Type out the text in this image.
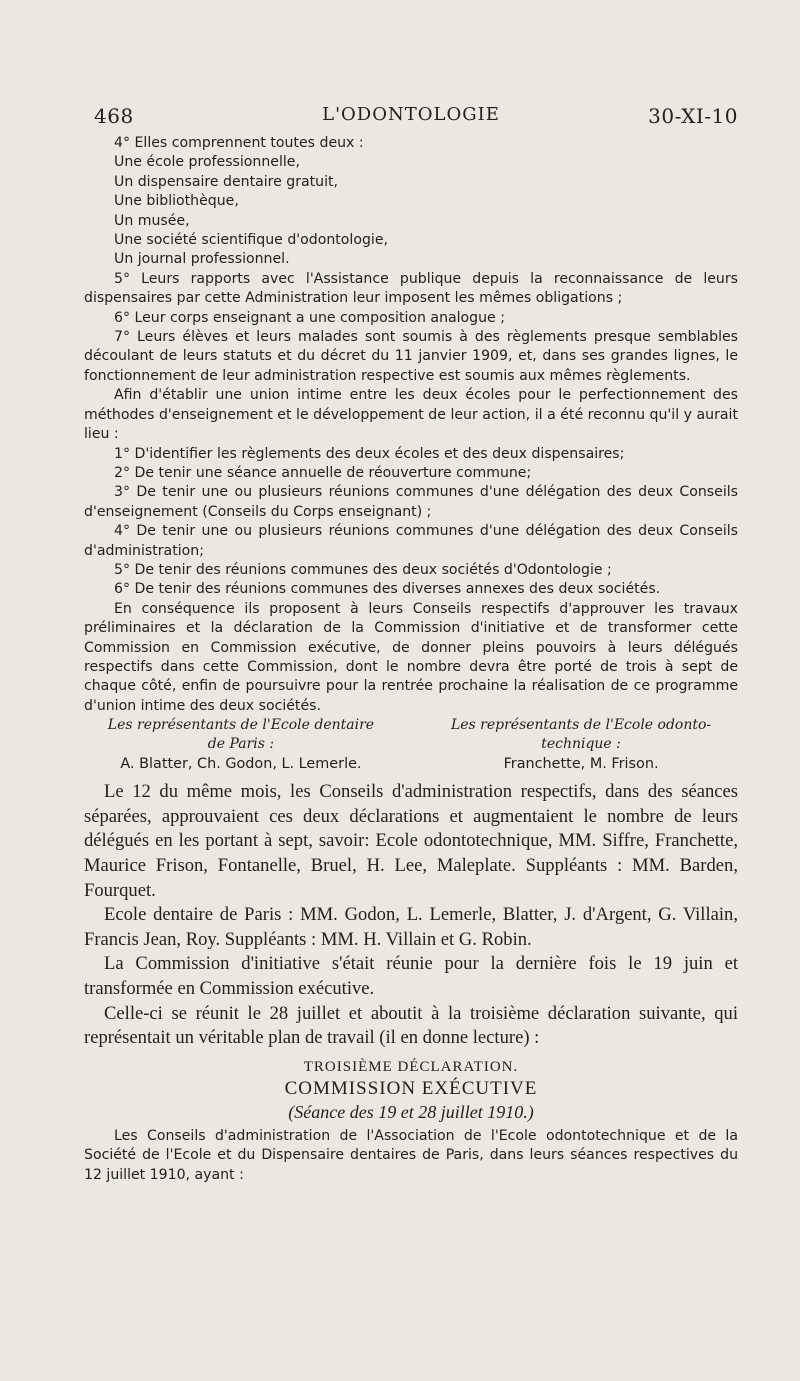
468	L'ODONTOLOGIE	30-XI-10

4° Elles comprennent toutes deux :

Une école professionnelle,

Un dispensaire dentaire gratuit,

Une bibliothèque,

Un musée,

Une société scientifique d'odontologie,

Un journal professionnel.

5° Leurs rapports avec l'Assistance publique depuis la reconnaissance de leurs dispensaires par cette Administration leur imposent les mêmes obligations ;

6° Leur corps enseignant a une composition analogue ;

7° Leurs élèves et leurs malades sont soumis à des règlements presque semblables découlant de leurs statuts et du décret du 11 janvier 1909, et, dans ses grandes lignes, le fonctionnement de leur administration respective est soumis aux mêmes règlements.

Afin d'établir une union intime entre les deux écoles pour le perfectionnement des méthodes d'enseignement et le développement de leur action, il a été reconnu qu'il y aurait lieu :

1° D'identifier les règlements des deux écoles et des deux dispensaires;

2° De tenir une séance annuelle de réouverture commune;

3° De tenir une ou plusieurs réunions communes d'une délégation des deux Conseils d'enseignement (Conseils du Corps enseignant) ;

4° De tenir une ou plusieurs réunions communes d'une délégation des deux Conseils d'administration;

5° De tenir des réunions communes des deux sociétés d'Odontologie ;

6° De tenir des réunions communes des diverses annexes des deux sociétés.

En conséquence ils proposent à leurs Conseils respectifs d'approuver les travaux préliminaires et la déclaration de la Commission d'initiative et de transformer cette Commission en Commission exécutive, de donner pleins pouvoirs à leurs délégués respectifs dans cette Commission, dont le nombre devra être porté de trois à sept de chaque côté, enfin de poursuivre pour la rentrée prochaine la réalisation de ce programme d'union intime des deux sociétés.

Les représentants de l'Ecole dentaire
de Paris :
Les représentants de l'Ecole odonto-
technique :
A. Blatter, Ch. Godon, L. Lemerle.	Franchette, M. Frison.

Le 12 du même mois, les Conseils d'administration respectifs, dans des séances séparées, approuvaient ces deux déclarations et augmentaient le nombre de leurs délégués en les portant à sept, savoir: Ecole odontotechnique, MM. Siffre, Franchette, Maurice Frison, Fontanelle, Bruel, H. Lee, Maleplate. Suppléants : MM. Barden, Fourquet.

Ecole dentaire de Paris : MM. Godon, L. Lemerle, Blatter, J. d'Argent, G. Villain, Francis Jean, Roy. Suppléants : MM. H. Villain et G. Robin.

La Commission d'initiative s'était réunie pour la dernière fois le 19 juin et transformée en Commission exécutive.

Celle-ci se réunit le 28 juillet et aboutit à la troisième déclaration suivante, qui représentait un véritable plan de travail (il en donne lecture) :

TROISIÈME DÉCLARATION.
COMMISSION EXÉCUTIVE
(Séance des 19 et 28 juillet 1910.)

Les Conseils d'administration de l'Association de l'Ecole odontotechnique et de la Société de l'Ecole et du Dispensaire dentaires de Paris, dans leurs séances respectives du 12 juillet 1910, ayant :
